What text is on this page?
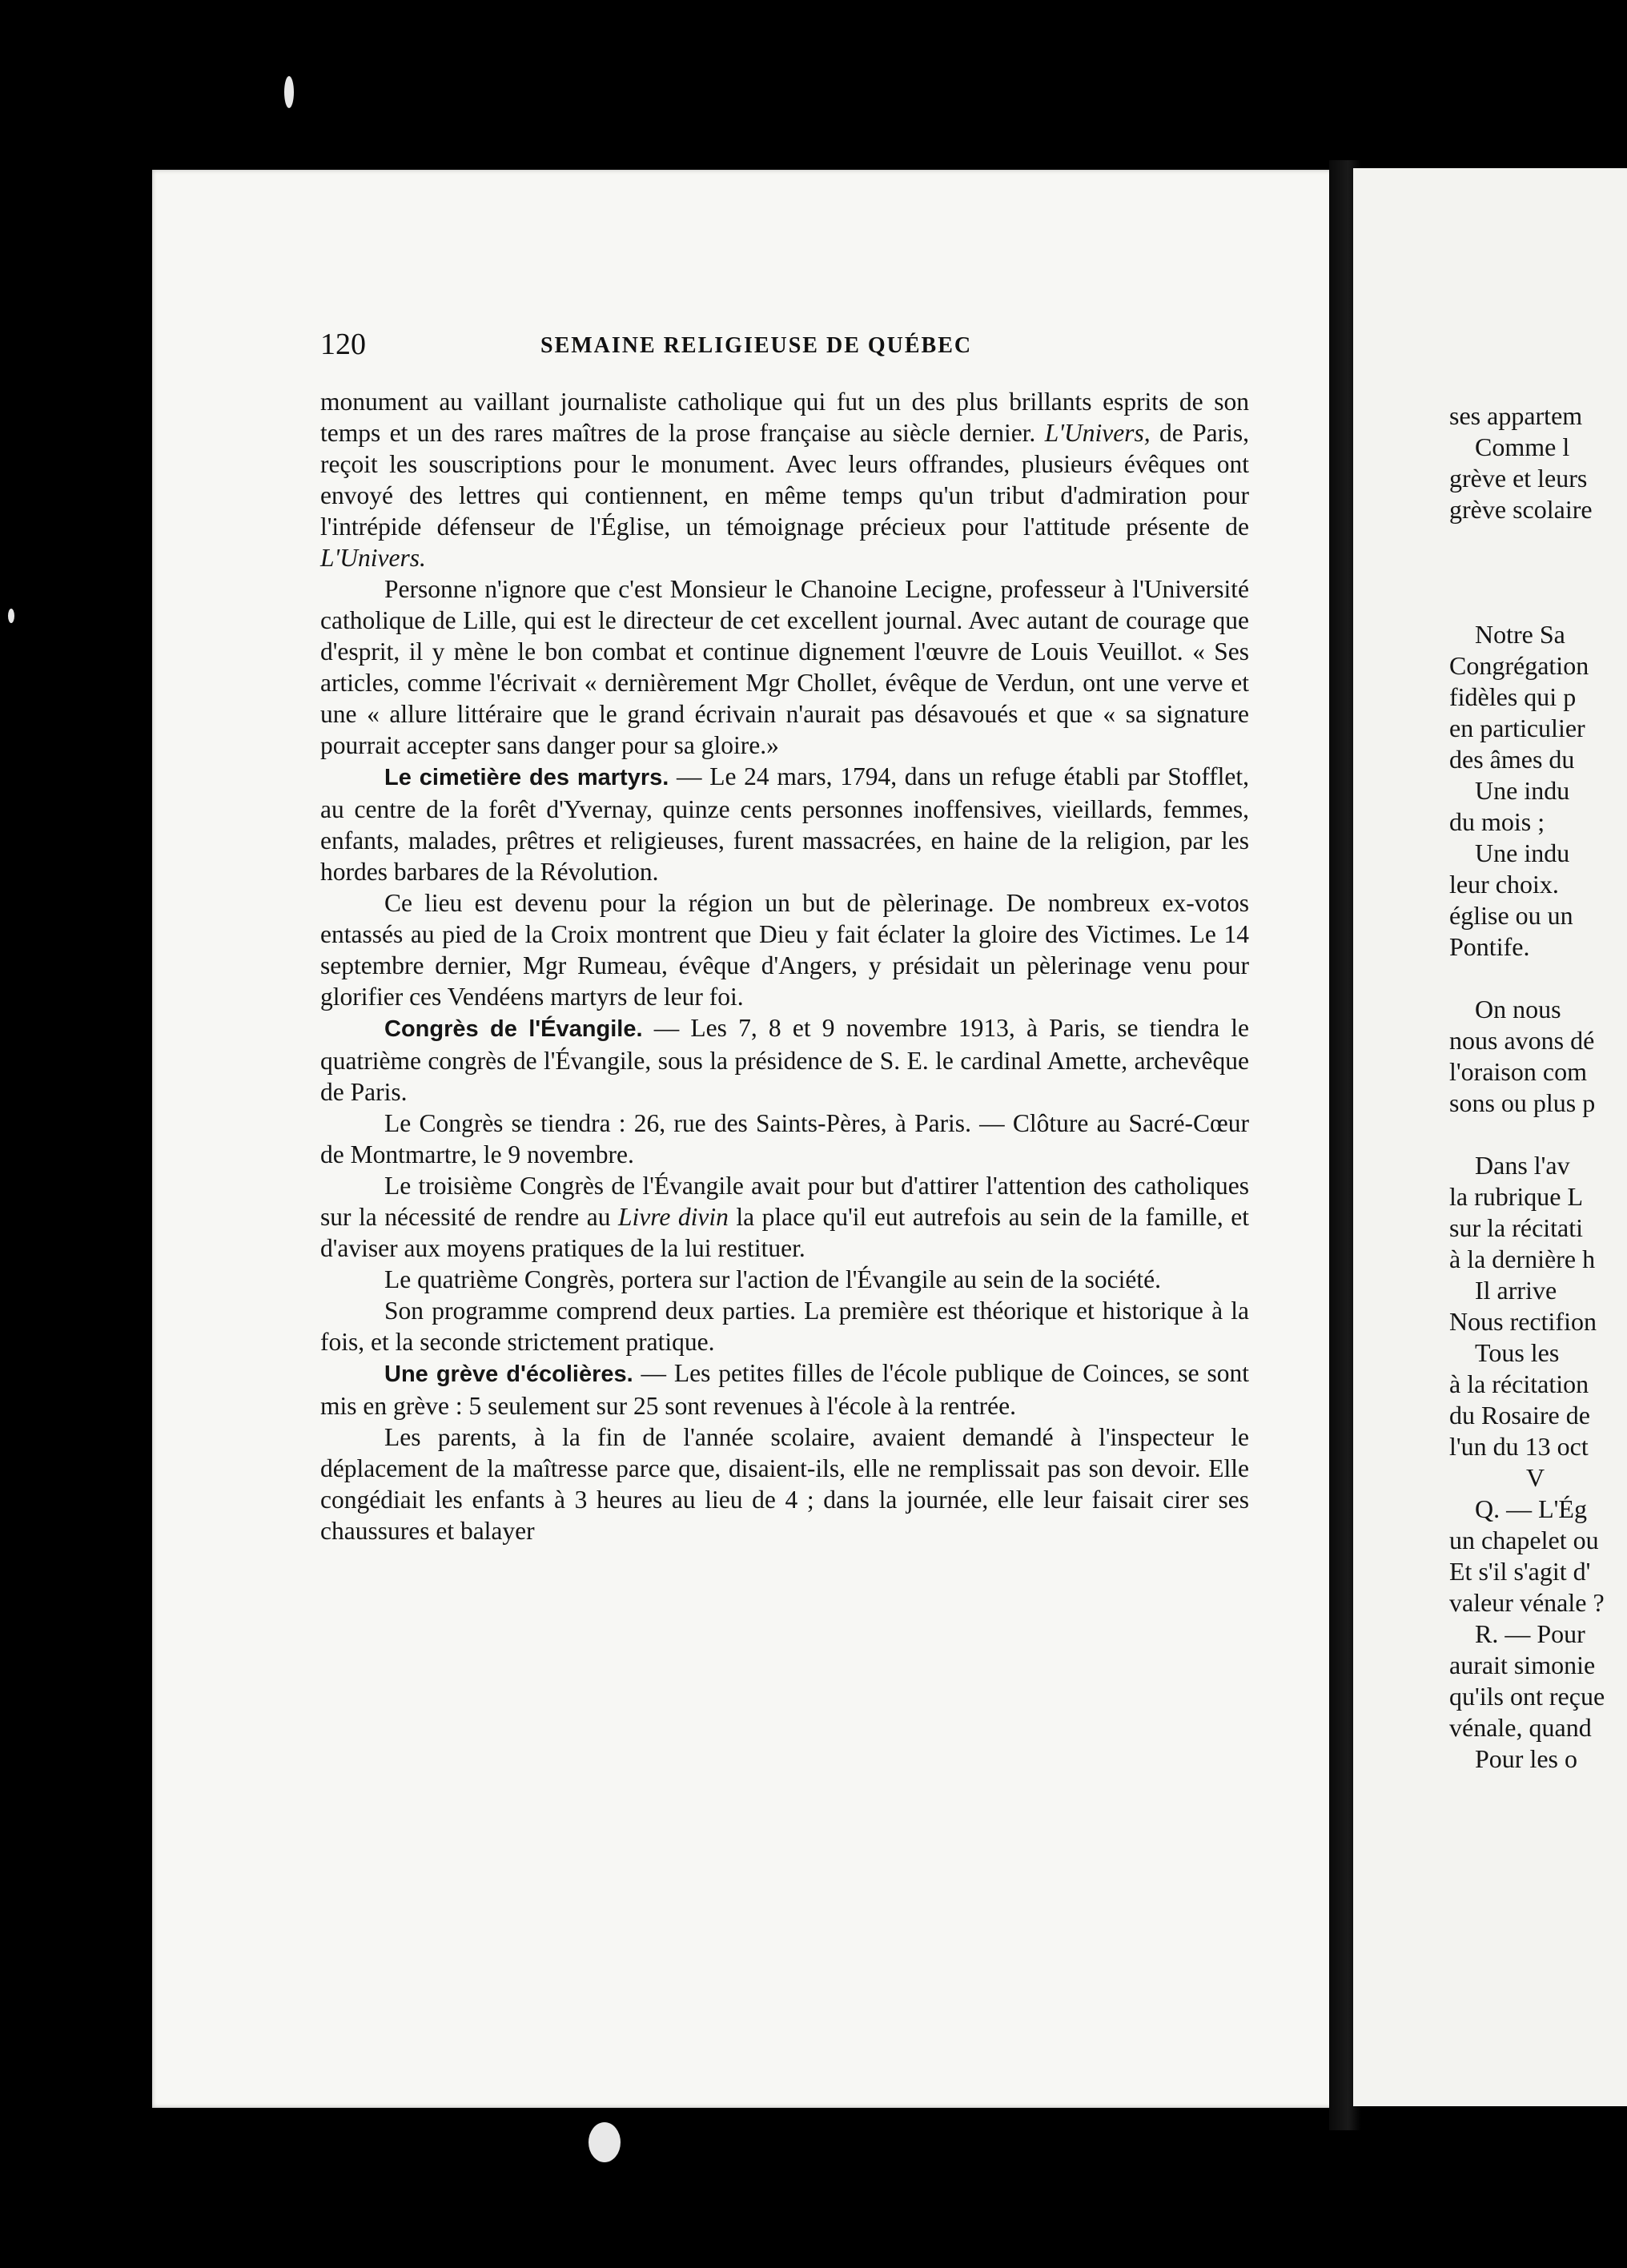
120	SEMAINE RELIGIEUSE DE QUÉBEC

monument au vaillant journaliste catholique qui fut un des plus brillants esprits de son temps et un des rares maîtres de la prose française au siècle dernier. L'Univers, de Paris, reçoit les souscriptions pour le monument. Avec leurs offrandes, plusieurs évêques ont envoyé des lettres qui contiennent, en même temps qu'un tribut d'admiration pour l'intrépide défenseur de l'Église, un témoignage précieux pour l'attitude présente de L'Univers.

Personne n'ignore que c'est Monsieur le Chanoine Lecigne, professeur à l'Université catholique de Lille, qui est le directeur de cet excellent journal. Avec autant de courage que d'esprit, il y mène le bon combat et continue dignement l'œuvre de Louis Veuillot. « Ses articles, comme l'écrivait « dernièrement Mgr Chollet, évêque de Verdun, ont une verve et une « allure littéraire que le grand écrivain n'aurait pas désavoués et que « sa signature pourrait accepter sans danger pour sa gloire.»

Le cimetière des martyrs. — Le 24 mars, 1794, dans un refuge établi par Stofflet, au centre de la forêt d'Yvernay, quinze cents personnes inoffensives, vieillards, femmes, enfants, malades, prêtres et religieuses, furent massacrées, en haine de la religion, par les hordes barbares de la Révolution.

Ce lieu est devenu pour la région un but de pèlerinage. De nombreux ex-votos entassés au pied de la Croix montrent que Dieu y fait éclater la gloire des Victimes. Le 14 septembre dernier, Mgr Rumeau, évêque d'Angers, y présidait un pèlerinage venu pour glorifier ces Vendéens martyrs de leur foi.

Congrès de l'Évangile. — Les 7, 8 et 9 novembre 1913, à Paris, se tiendra le quatrième congrès de l'Évangile, sous la présidence de S. E. le cardinal Amette, archevêque de Paris.

Le Congrès se tiendra : 26, rue des Saints-Pères, à Paris. — Clôture au Sacré-Cœur de Montmartre, le 9 novembre.

Le troisième Congrès de l'Évangile avait pour but d'attirer l'attention des catholiques sur la nécessité de rendre au Livre divin la place qu'il eut autrefois au sein de la famille, et d'aviser aux moyens pratiques de la lui restituer.

Le quatrième Congrès, portera sur l'action de l'Évangile au sein de la société.

Son programme comprend deux parties. La première est théorique et historique à la fois, et la seconde strictement pratique.

Une grève d'écolières. — Les petites filles de l'école publique de Coinces, se sont mis en grève : 5 seulement sur 25 sont revenues à l'école à la rentrée.

Les parents, à la fin de l'année scolaire, avaient demandé à l'inspecteur le déplacement de la maîtresse parce que, disaient-ils, elle ne remplissait pas son devoir. Elle congédiait les enfants à 3 heures au lieu de 4 ; dans la journée, elle leur faisait cirer ses chaussures et balayer

ses appartem
Comme l
grève et leurs
grève scolaire
Notre Sa
Congrégation
fidèles qui p
en particulier
des âmes du
Une indu
du mois ;
Une indu
leur choix.
église ou un
Pontife.
On nous
nous avons dé
l'oraison com
sons ou plus p
Dans l'av
la rubrique L
sur la récitati
à la dernière h
Il arrive
Nous rectifion
Tous les
à la récitation
du Rosaire de
l'un du 13 oct
V
Q. — L'Ég
un chapelet ou
Et s'il s'agit d'
valeur vénale ?
R. — Pour
aurait simonie
qu'ils ont reçue
vénale, quand
Pour les o
